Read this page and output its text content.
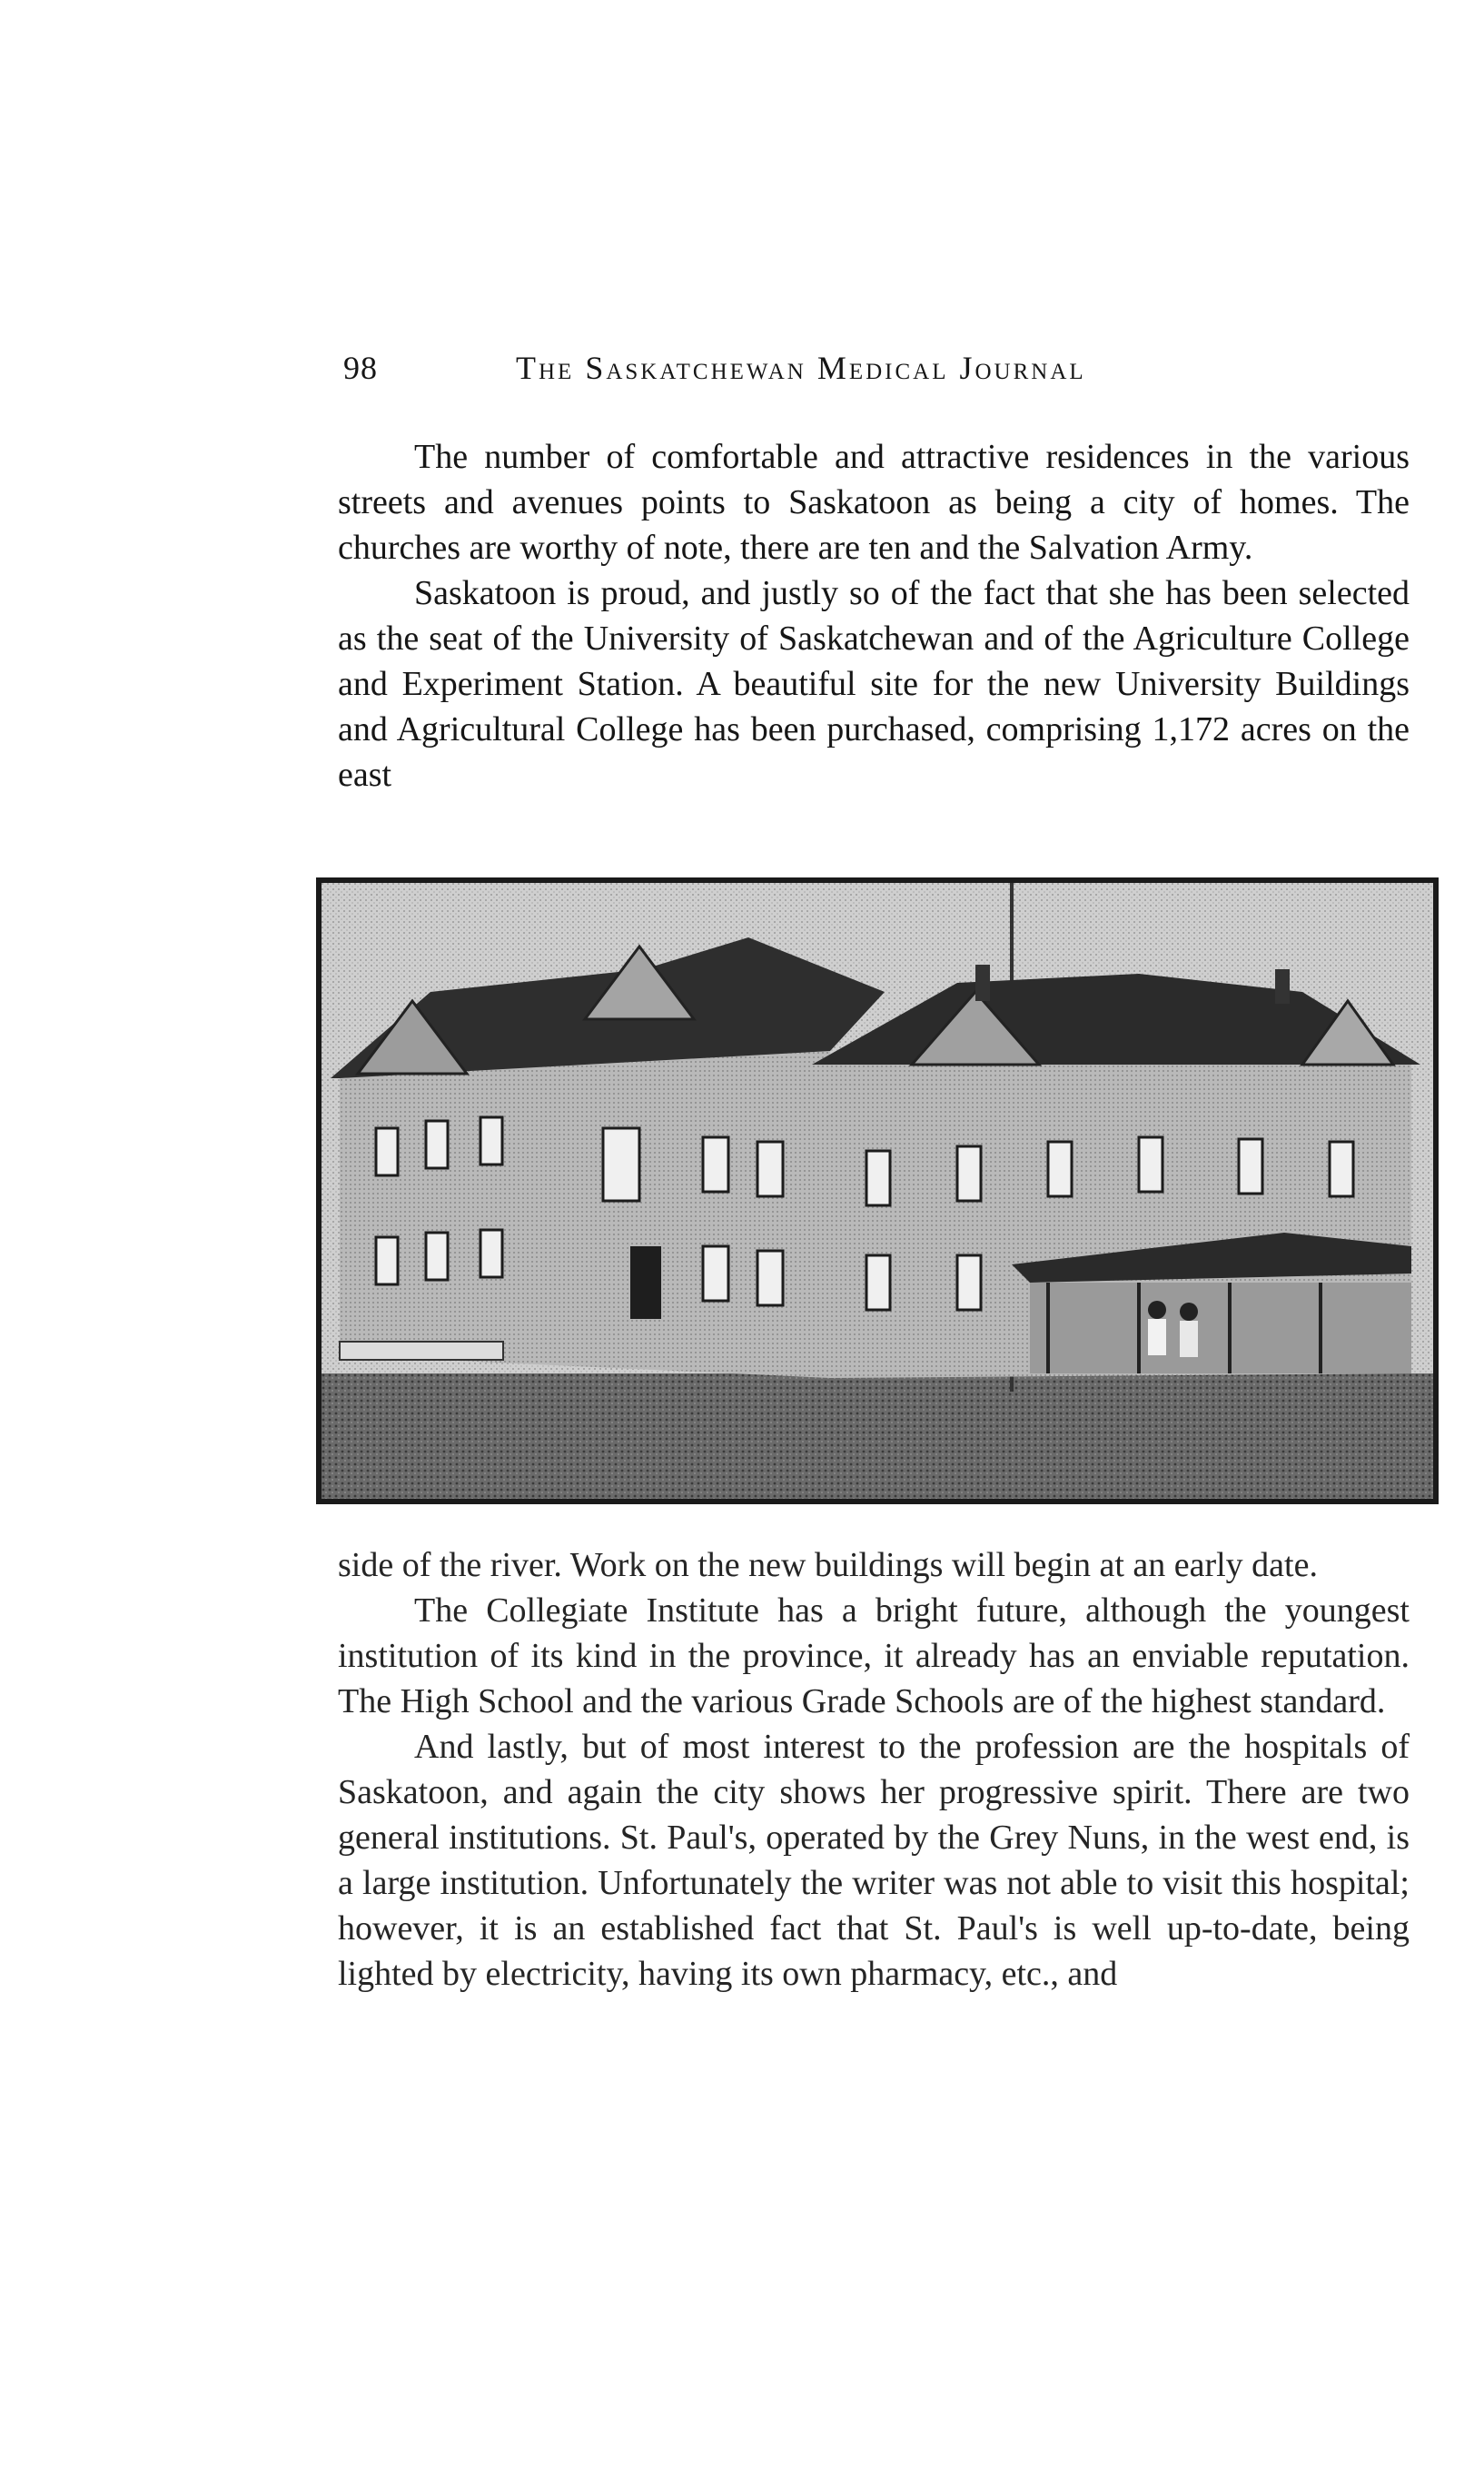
98	The Saskatchewan Medical Journal

The number of comfortable and attractive residences in the various streets and avenues points to Saskatoon as being a city of homes. The churches are worthy of note, there are ten and the Salvation Army.

Saskatoon is proud, and justly so of the fact that she has been selected as the seat of the University of Saskatchewan and of the Agriculture College and Experiment Station. A beautiful site for the new University Buildings and Agricultural College has been purchased, comprising 1,172 acres on the east

side of the river. Work on the new buildings will begin at an early date.

The Collegiate Institute has a bright future, although the youngest institution of its kind in the province, it already has an enviable reputation. The High School and the various Grade Schools are of the highest standard.

And lastly, but of most interest to the profession are the hospitals of Saskatoon, and again the city shows her progressive spirit. There are two general institutions. St. Paul's, operated by the Grey Nuns, in the west end, is a large institution. Unfortunately the writer was not able to visit this hospital; however, it is an established fact that St. Paul's is well up-to-date, being lighted by electricity, having its own pharmacy, etc., and
